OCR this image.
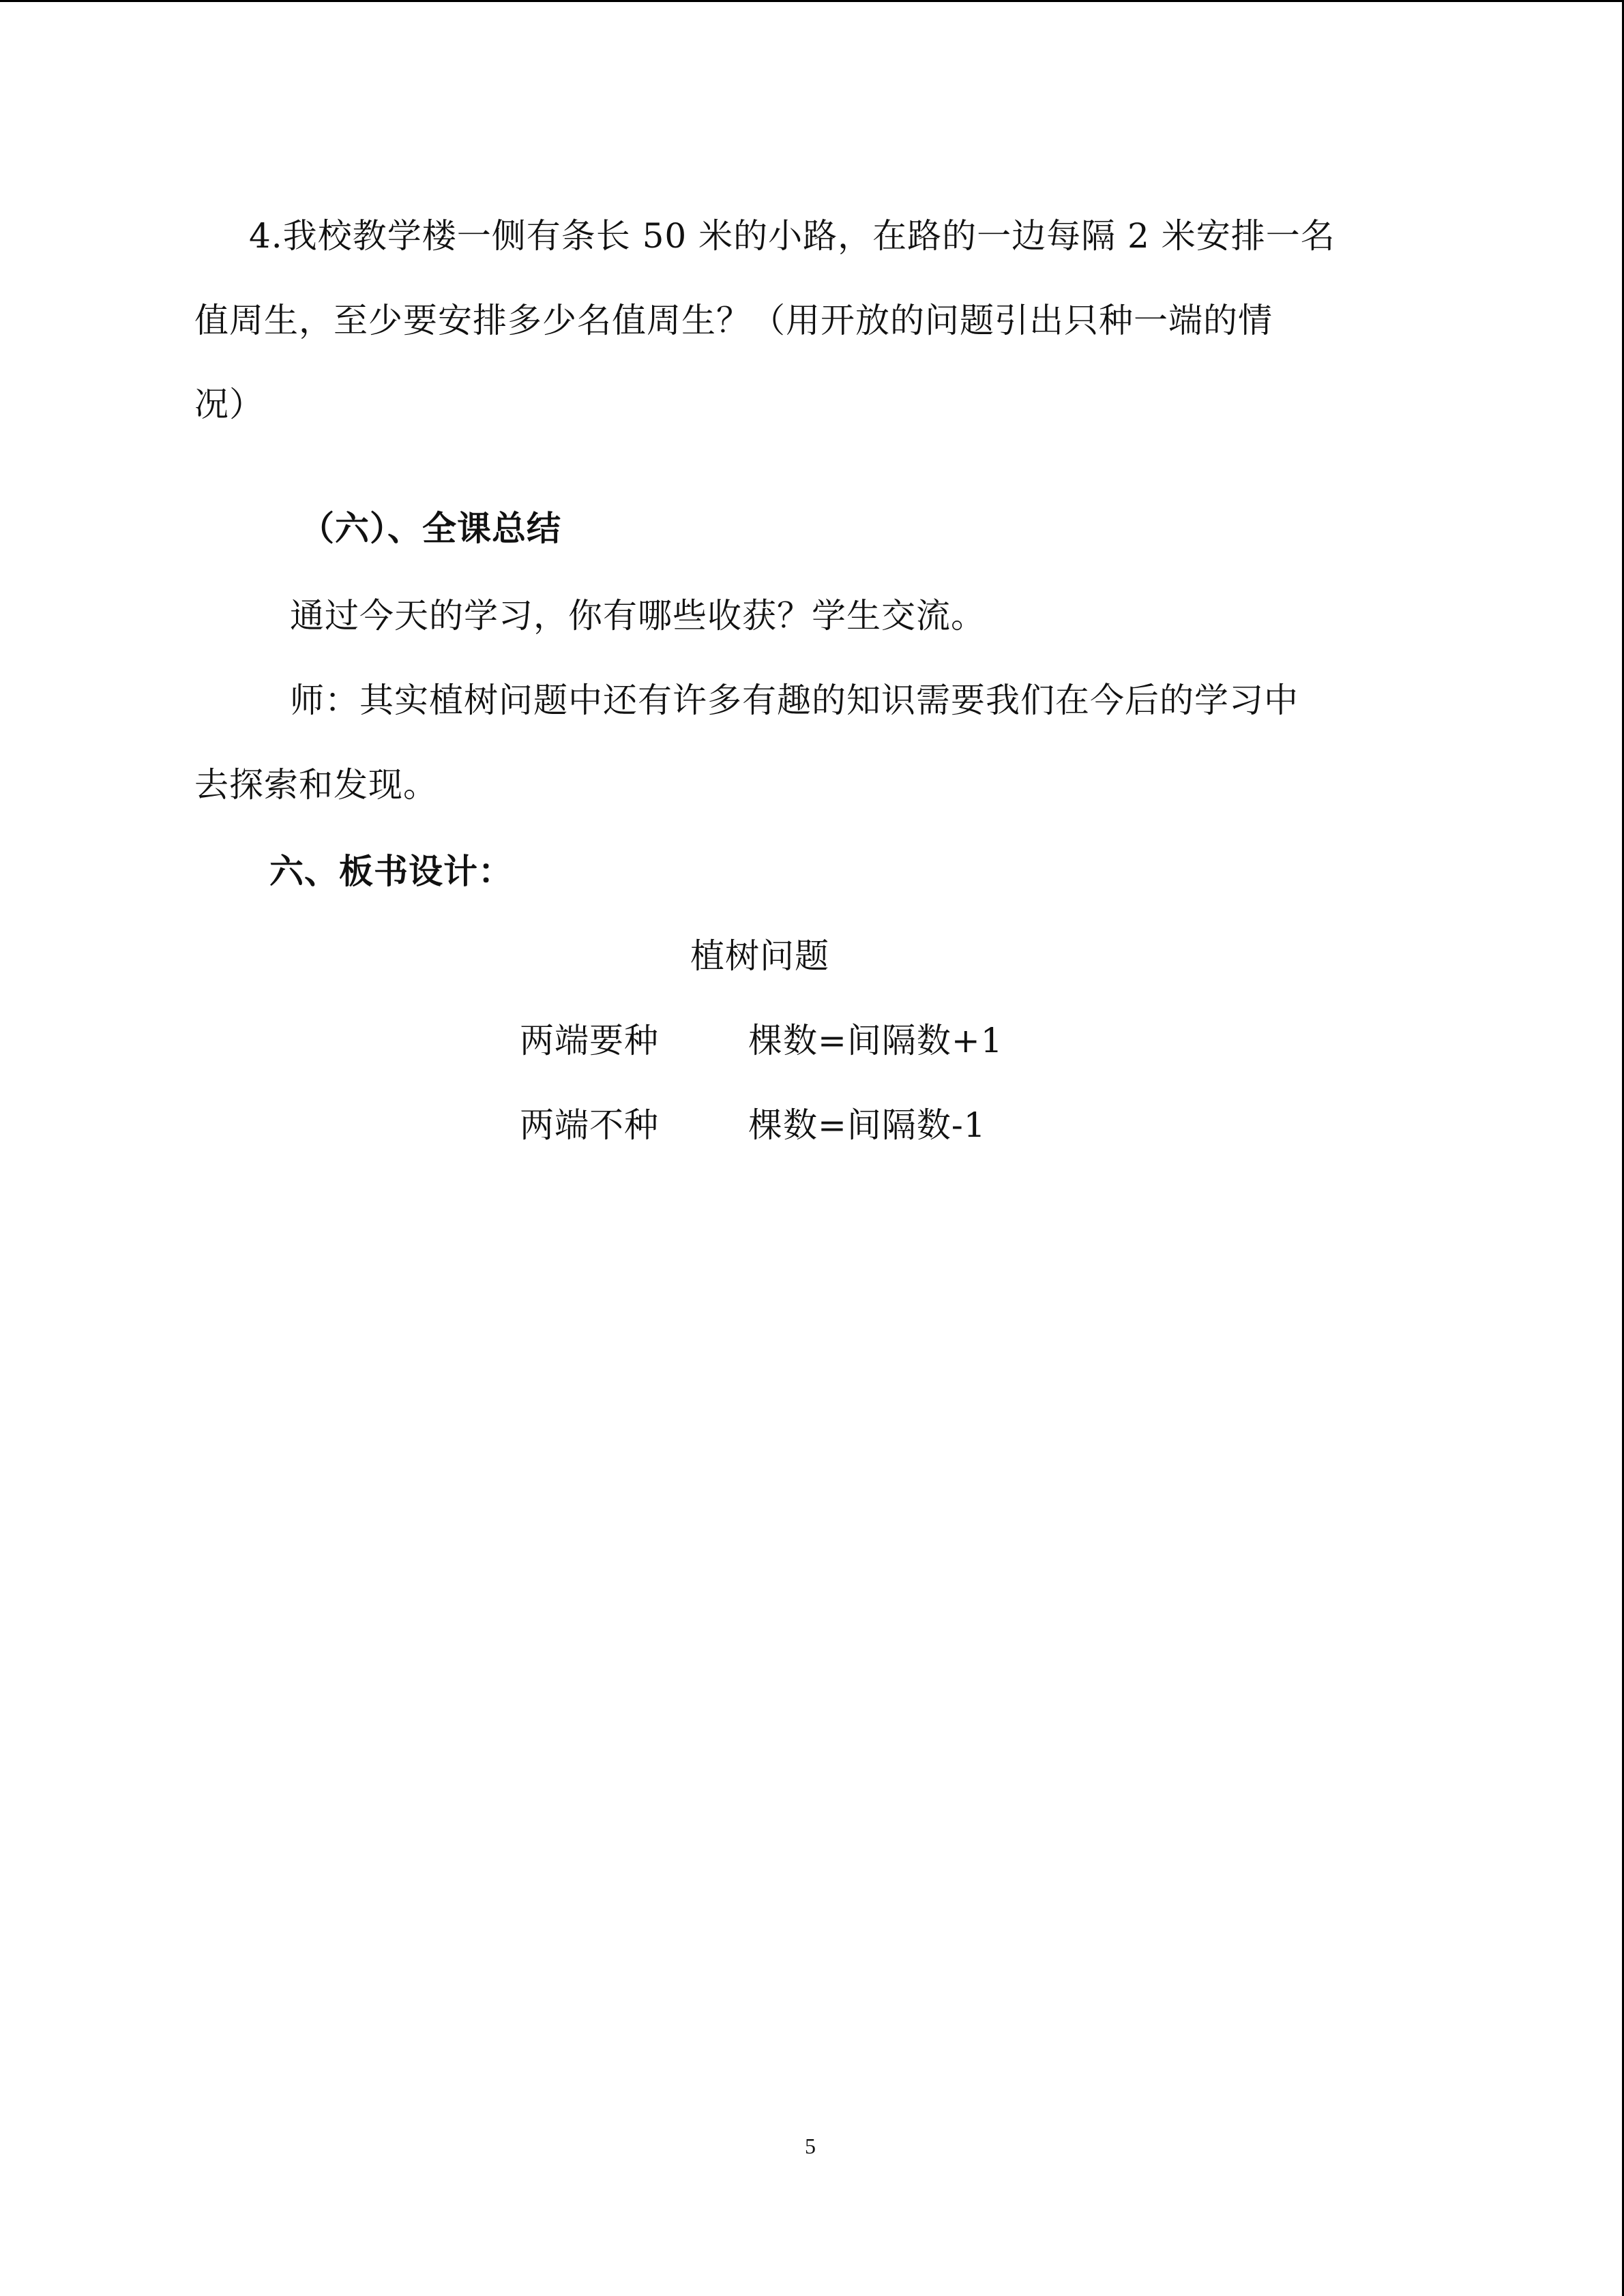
4.我校教学楼一侧有条长 50 米的小路，在路的一边每隔 2 米安排一名
值周生，至少要安排多少名值周生？（用开放的问题引出只种一端的情
况）
（六）、全课总结
通过今天的学习，你有哪些收获？学生交流。
师：其实植树问题中还有许多有趣的知识需要我们在今后的学习中
去探索和发现。
六、板书设计：
植树问题
两端要种	棵数=间隔数+1
两端不种	棵数=间隔数-1
5
